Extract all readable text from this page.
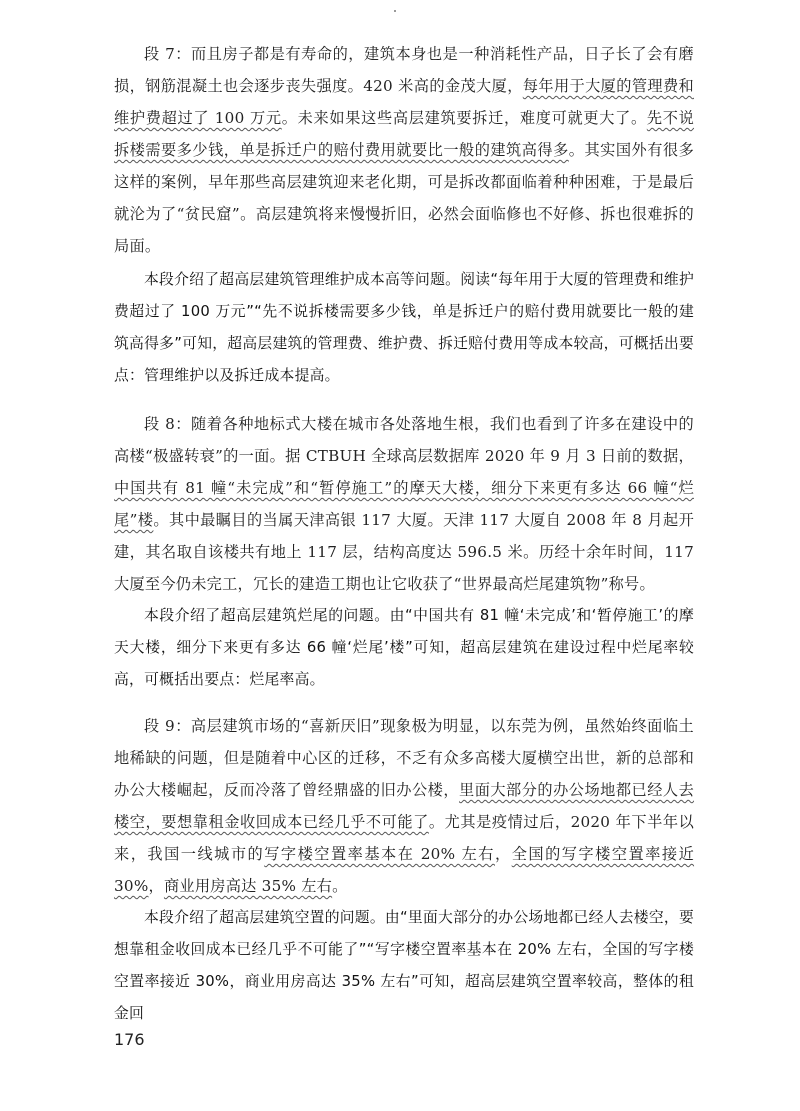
段 7：而且房子都是有寿命的，建筑本身也是一种消耗性产品，日子长了会有磨损，钢筋混凝土也会逐步丧失强度。420 米高的金茂大厦，每年用于大厦的管理费和维护费超过了 100 万元。未来如果这些高层建筑要拆迁，难度可就更大了。先不说拆楼需要多少钱，单是拆迁户的赔付费用就要比一般的建筑高得多。其实国外有很多这样的案例，早年那些高层建筑迎来老化期，可是拆改都面临着种种困难，于是最后就沦为了“贫民窟”。高层建筑将来慢慢折旧，必然会面临修也不好修、拆也很难拆的局面。

本段介绍了超高层建筑管理维护成本高等问题。阅读“每年用于大厦的管理费和维护费超过了 100 万元”“先不说拆楼需要多少钱，单是拆迁户的赔付费用就要比一般的建筑高得多”可知，超高层建筑的管理费、维护费、拆迁赔付费用等成本较高，可概括出要点：管理维护以及拆迁成本提高。

段 8：随着各种地标式大楼在城市各处落地生根，我们也看到了许多在建设中的高楼“极盛转衰”的一面。据 CTBUH 全球高层数据库 2020 年 9 月 3 日前的数据，中国共有 81 幢“未完成”和“暂停施工”的摩天大楼，细分下来更有多达 66 幢“烂尾”楼。其中最瞩目的当属天津高银 117 大厦。天津 117 大厦自 2008 年 8 月起开建，其名取自该楼共有地上 117 层，结构高度达 596.5 米。历经十余年时间，117 大厦至今仍未完工，冗长的建造工期也让它收获了“世界最高烂尾建筑物”称号。

本段介绍了超高层建筑烂尾的问题。由“中国共有 81 幢‘未完成’和‘暂停施工’的摩天大楼，细分下来更有多达 66 幢‘烂尾’楼”可知，超高层建筑在建设过程中烂尾率较高，可概括出要点：烂尾率高。

段 9：高层建筑市场的“喜新厌旧”现象极为明显，以东莞为例，虽然始终面临土地稀缺的问题，但是随着中心区的迁移，不乏有众多高楼大厦横空出世，新的总部和办公大楼崛起，反而冷落了曾经鼎盛的旧办公楼，里面大部分的办公场地都已经人去楼空，要想靠租金收回成本已经几乎不可能了。尤其是疫情过后，2020 年下半年以来，我国一线城市的写字楼空置率基本在 20% 左右，全国的写字楼空置率接近 30%，商业用房高达 35% 左右。

本段介绍了超高层建筑空置的问题。由“里面大部分的办公场地都已经人去楼空，要想靠租金收回成本已经几乎不可能了”“写字楼空置率基本在 20% 左右，全国的写字楼空置率接近 30%，商业用房高达 35% 左右”可知，超高层建筑空置率较高，整体的租金回

176
